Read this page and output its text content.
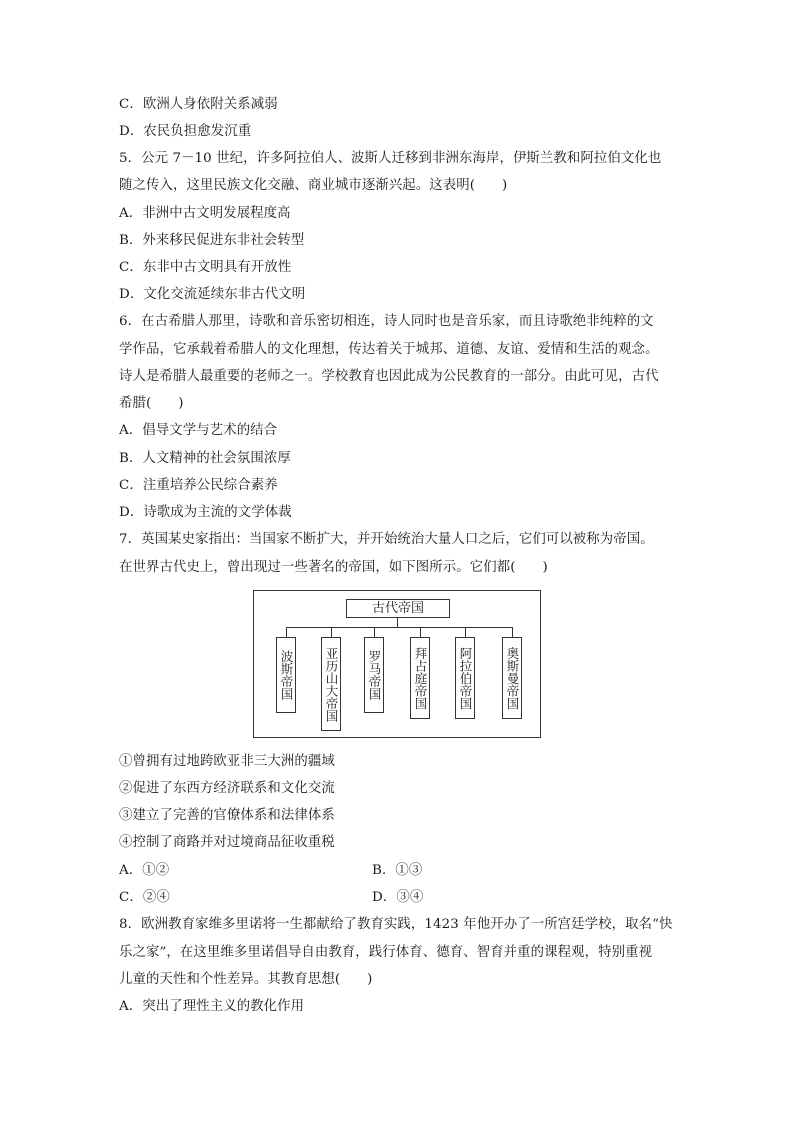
C．欧洲人身依附关系减弱
D．农民负担愈发沉重
5．公元 7－10 世纪，许多阿拉伯人、波斯人迁移到非洲东海岸，伊斯兰教和阿拉伯文化也
随之传入，这里民族文化交融、商业城市逐渐兴起。这表明(　　)
A．非洲中古文明发展程度高
B．外来移民促进东非社会转型
C．东非中古文明具有开放性
D．文化交流延续东非古代文明
6．在古希腊人那里，诗歌和音乐密切相连，诗人同时也是音乐家，而且诗歌绝非纯粹的文
学作品，它承载着希腊人的文化理想，传达着关于城邦、道德、友谊、爱情和生活的观念。
诗人是希腊人最重要的老师之一。学校教育也因此成为公民教育的一部分。由此可见，古代
希腊(　　)
A．倡导文学与艺术的结合
B．人文精神的社会氛围浓厚
C．注重培养公民综合素养
D．诗歌成为主流的文学体裁
7．英国某史家指出：当国家不断扩大，并开始统治大量人口之后，它们可以被称为帝国。
在世界古代史上，曾出现过一些著名的帝国，如下图所示。它们都(　　)
古代帝国
波斯帝国 亚历山大帝国 罗马帝国 拜占庭帝国 阿拉伯帝国	奥斯曼帝国
①曾拥有过地跨欧亚非三大洲的疆域
②促进了东西方经济联系和文化交流
③建立了完善的官僚体系和法律体系
④控制了商路并对过境商品征收重税
A．①②	B．①③
C．②④	D．③④
8．欧洲教育家维多里诺将一生都献给了教育实践，1423 年他开办了一所宫廷学校，取名“快
乐之家”，在这里维多里诺倡导自由教育，践行体育、德育、智育并重的课程观，特别重视
儿童的天性和个性差异。其教育思想(　　)
A．突出了理性主义的教化作用
